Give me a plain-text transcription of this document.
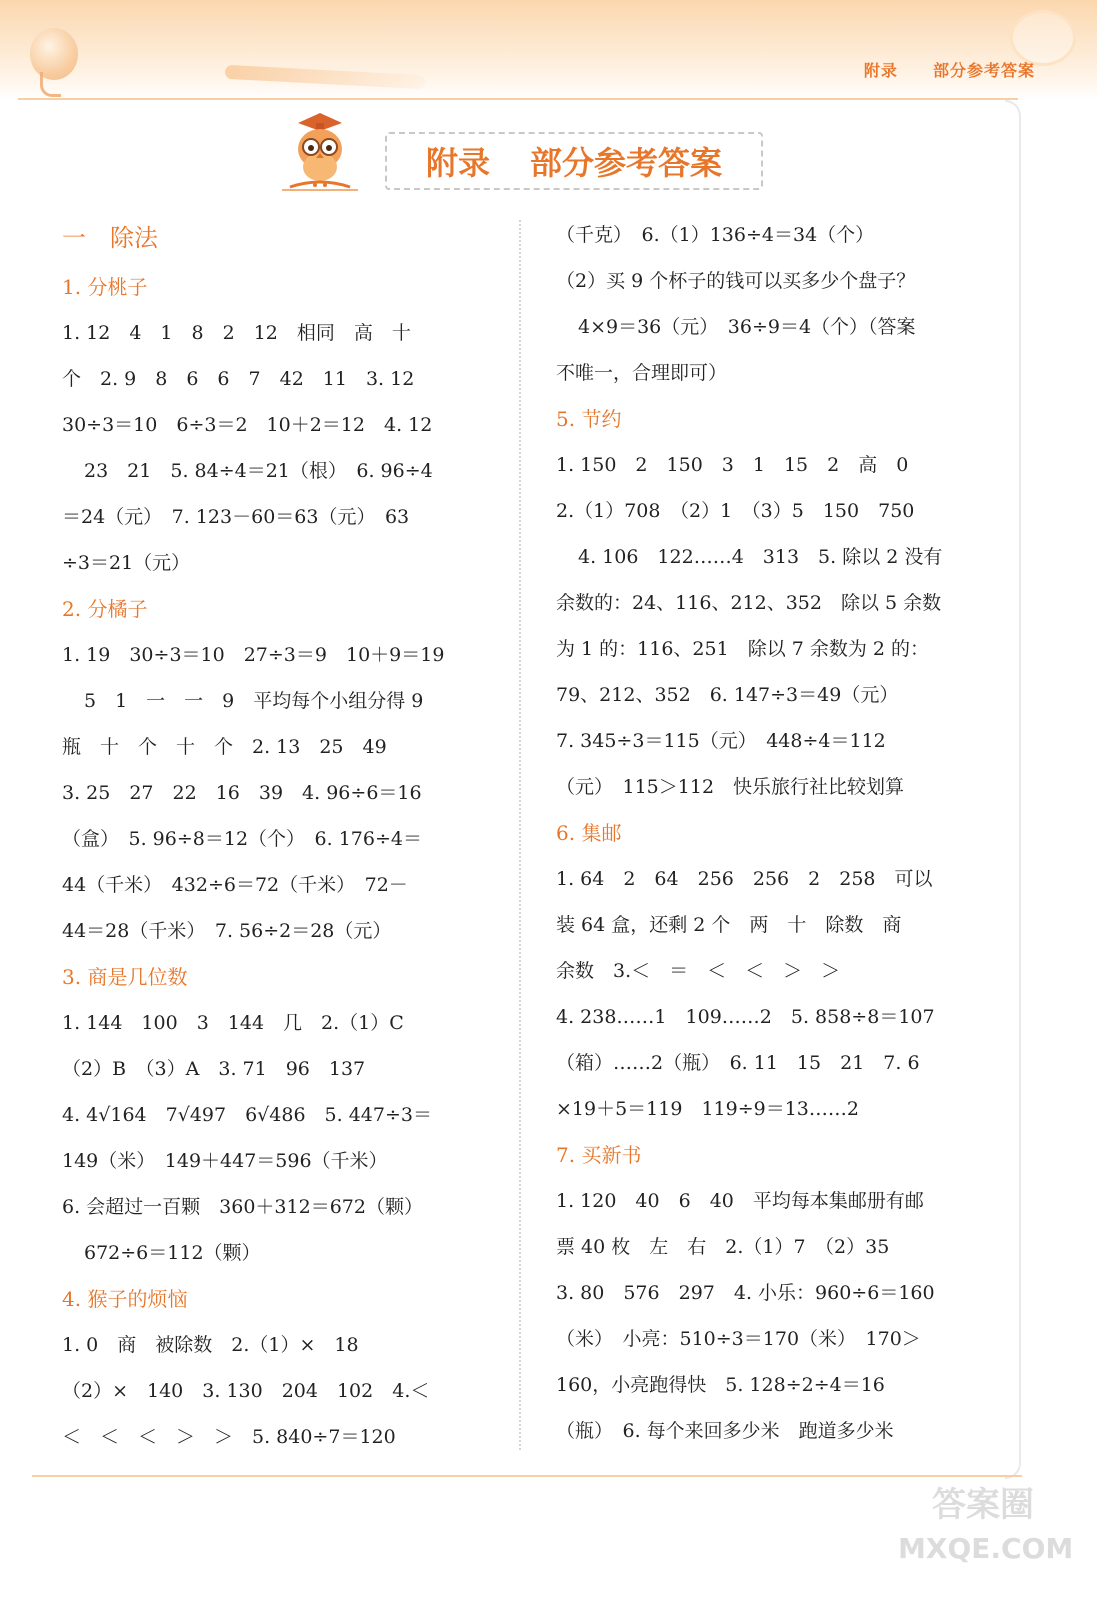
附录 部分参考答案
附录 部分参考答案
一　除法
1. 分桃子
1. 12　4　1　8　2　12　相同　高　十
个　2. 9　8　6　6　7　42　11　3. 12
30÷3＝10　6÷3＝2　10＋2＝12　4. 12
23　21　5. 84÷4＝21（根）　6. 96÷4
＝24（元）　7. 123－60＝63（元）　63
÷3＝21（元）
2. 分橘子
1. 19　30÷3＝10　27÷3＝9　10＋9＝19
5　1　一　一　9　平均每个小组分得 9
瓶　十　个　十　个　2. 13　25　49
3. 25　27　22　16　39　4. 96÷6＝16
（盒）　5. 96÷8＝12（个）　6. 176÷4＝
44（千米）　432÷6＝72（千米）　72－
44＝28（千米）　7. 56÷2＝28（元）
3. 商是几位数
1. 144　100　3　144　几　2.（1）C
（2）B　（3）A　3. 71　96　137
4. 4√164　7√497　6√486　5. 447÷3＝
149（米）　149＋447＝596（千米）
6. 会超过一百颗　360＋312＝672（颗）
672÷6＝112（颗）
4. 猴子的烦恼
1. 0　商　被除数　2.（1）×　18
（2）×　140　3. 130　204　102　4.＜
＜　＜　＜　＞　＞　5. 840÷7＝120
（千克）　6.（1）136÷4＝34（个）
（2）买 9 个杯子的钱可以买多少个盘子？
4×9＝36（元）　36÷9＝4（个）（答案
不唯一，合理即可）
5. 节约
1. 150　2　150　3　1　15　2　高　0
2.（1）708　（2）1　（3）5　150　750
4. 106　122……4　313　5. 除以 2 没有
余数的：24、116、212、352　除以 5 余数
为 1 的：116、251　除以 7 余数为 2 的：
79、212、352　6. 147÷3＝49（元）
7. 345÷3＝115（元）　448÷4＝112
（元）　115＞112　快乐旅行社比较划算
6. 集邮
1. 64　2　64　256　256　2　258　可以
装 64 盒，还剩 2 个　两　十　除数　商
余数　3.＜　＝　＜　＜　＞　＞
4. 238……1　109……2　5. 858÷8＝107
（箱）……2（瓶）　6. 11　15　21　7. 6
×19＋5＝119　119÷9＝13……2
7. 买新书
1. 120　40　6　40　平均每本集邮册有邮
票 40 枚　左　右　2.（1）7　（2）35
3. 80　576　297　4. 小乐：960÷6＝160
（米）　小亮：510÷3＝170（米）　170＞
160，小亮跑得快　5. 128÷2÷4＝16
（瓶）　6. 每个来回多少米　跑道多少米
答案圈
MXQE.COM
